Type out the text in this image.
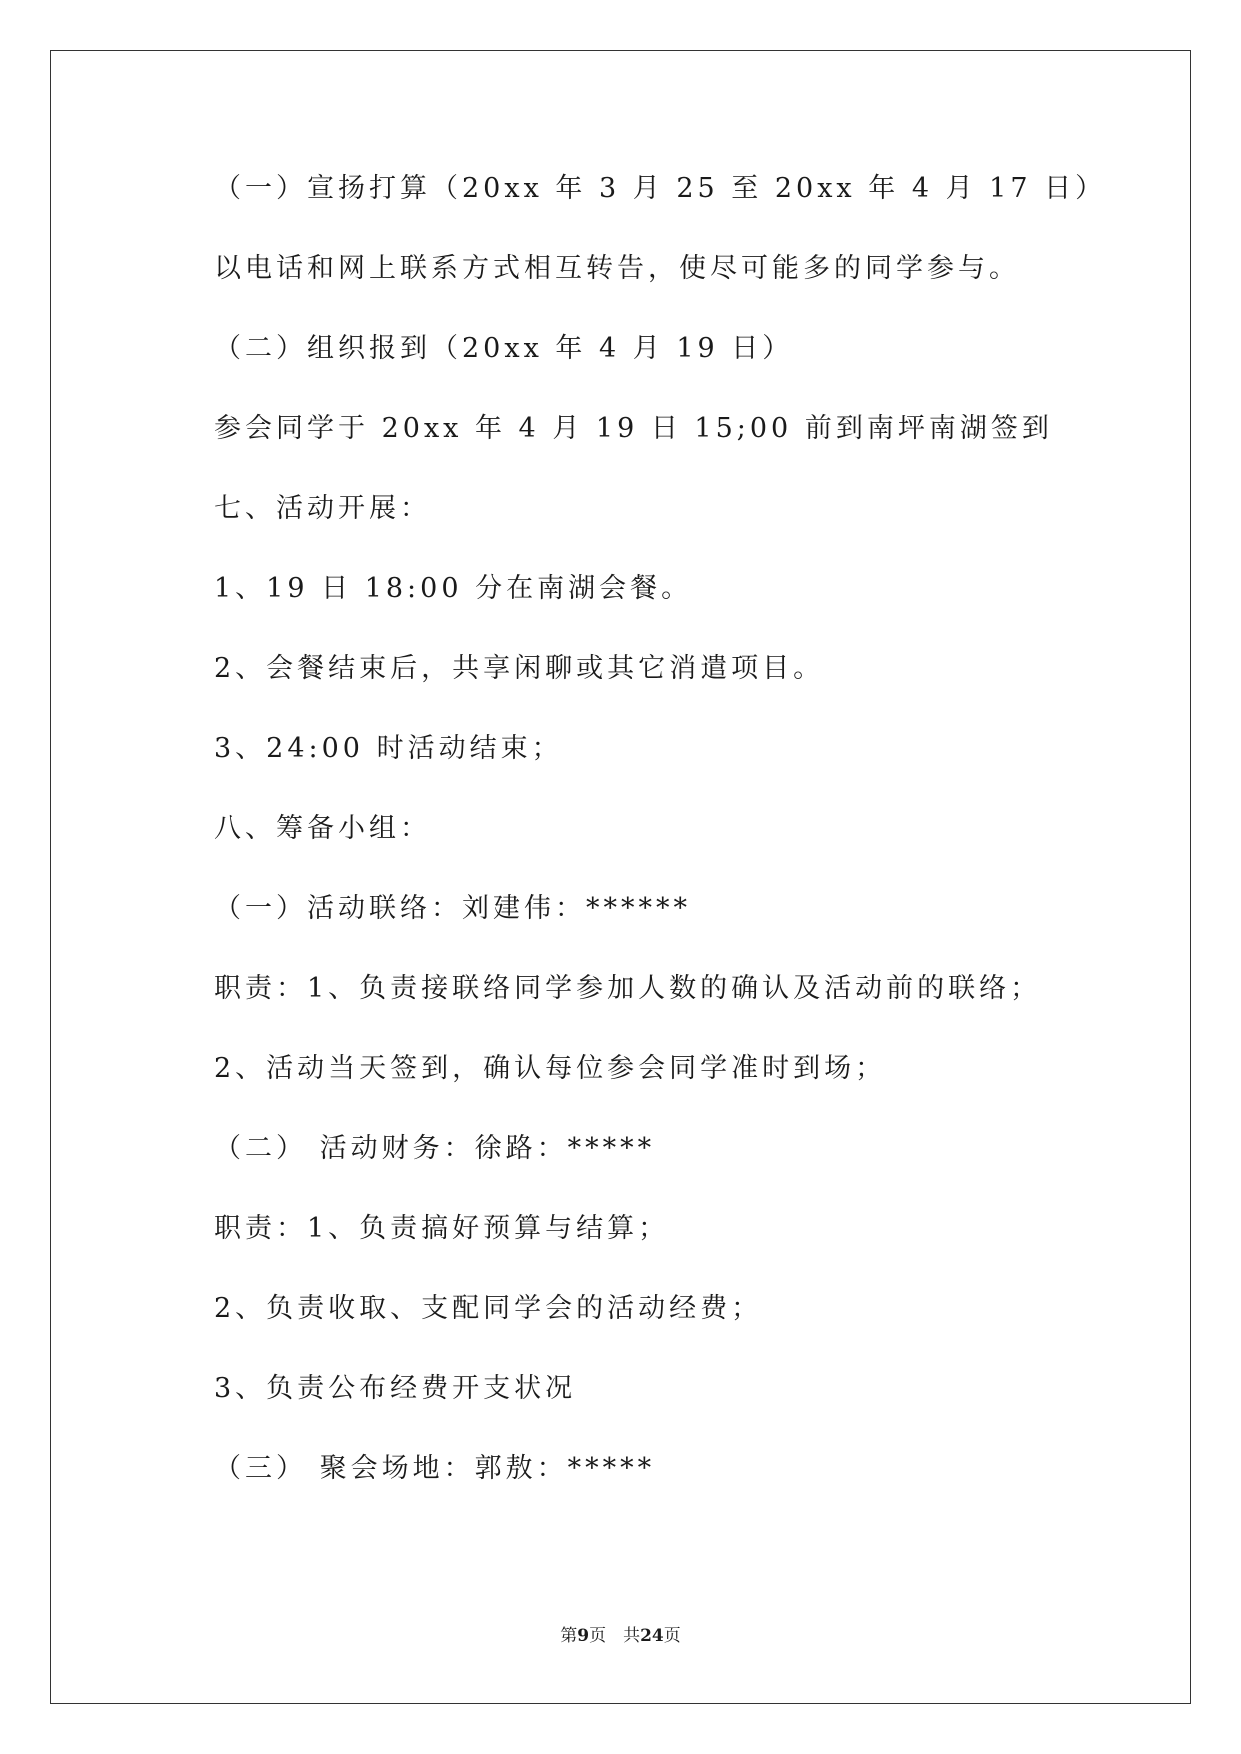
（一）宣扬打算（20xx 年 3 月 25 至 20xx 年 4 月 17 日）
以电话和网上联系方式相互转告，使尽可能多的同学参与。
（二）组织报到（20xx 年 4 月 19 日）
参会同学于 20xx 年 4 月 19 日 15;00 前到南坪南湖签到
七、活动开展：
1、19 日 18:00 分在南湖会餐。
2、会餐结束后，共享闲聊或其它消遣项目。
3、24:00 时活动结束；
八、筹备小组：
（一）活动联络：刘建伟：******
职责：1、负责接联络同学参加人数的确认及活动前的联络；
2、活动当天签到，确认每位参会同学准时到场；
（二） 活动财务：徐路：*****
职责：1、负责搞好预算与结算；
2、负责收取、支配同学会的活动经费；
3、负责公布经费开支状况
（三） 聚会场地：郭敖：*****
第9页　共24页
